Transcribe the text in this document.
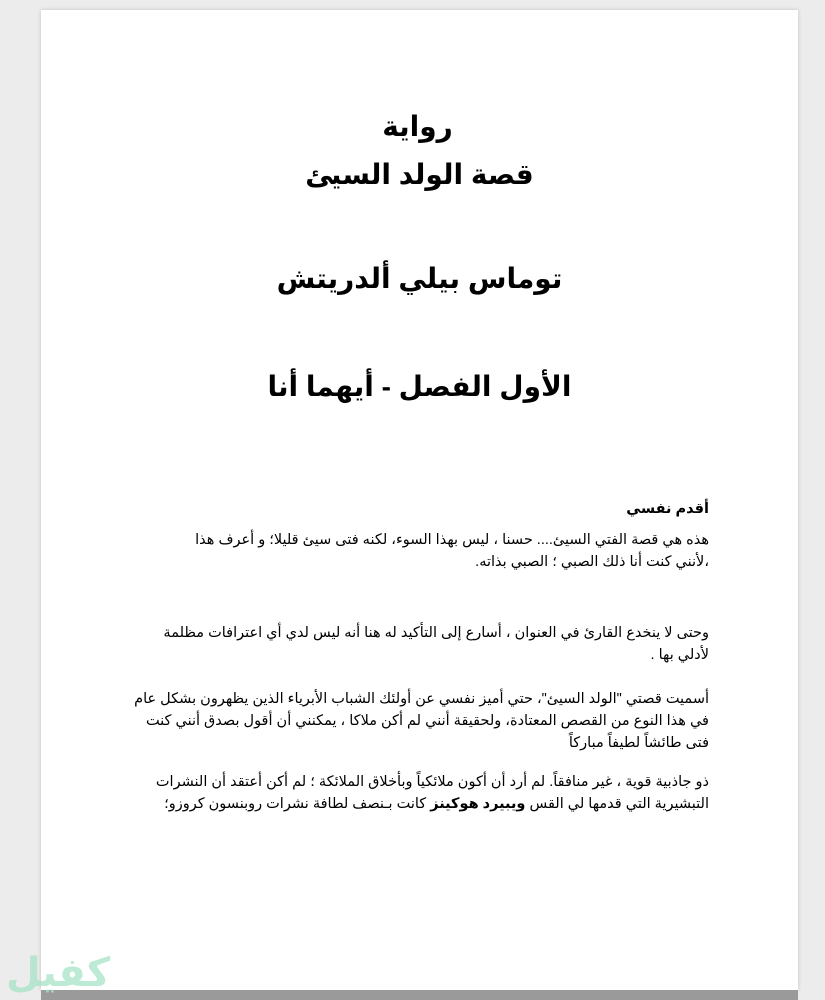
رواية
قصة الولد السيئ
توماس بيلي ألدريتش
الأول الفصل - أيهما أنا
أقدم نفسي
هذه هي قصة الفتي السيئ.... حسنا ، ليس بهذا السوء، لكنه فتى سيئ قليلا؛ و أعرف هذا
،لأنني كنت أنا ذلك الصبي ؛ الصبي بذاته.
وحتى لا ينخدع القارئ في العنوان ، أسارع إلى التأكيد له هنا أنه ليس لدي أي اعترافات مظلمة لأدلي بها .
أسميت قصتي "الولد السيئ"، حتي أميز نفسي عن أولئك الشباب الأبرياء الذين يظهرون بشكل عام في هذا النوع من القصص المعتادة، ولحقيقة أنني لم أكن ملاكا ، يمكنني أن أقول بصدق أنني كنت فتى طائشاً لطيفاً مباركاً
ذو جاذبية قوية ، غير منافقاً. لم أرد أن أكون ملائكياً وبأخلاق الملائكة ؛ لم أكن أعتقد أن النشرات التبشيرية التي قدمها لي القس ويبيرد هوكينز كانت بـنصف لطافة نشرات روبنسون كروزو؛
كفيل
